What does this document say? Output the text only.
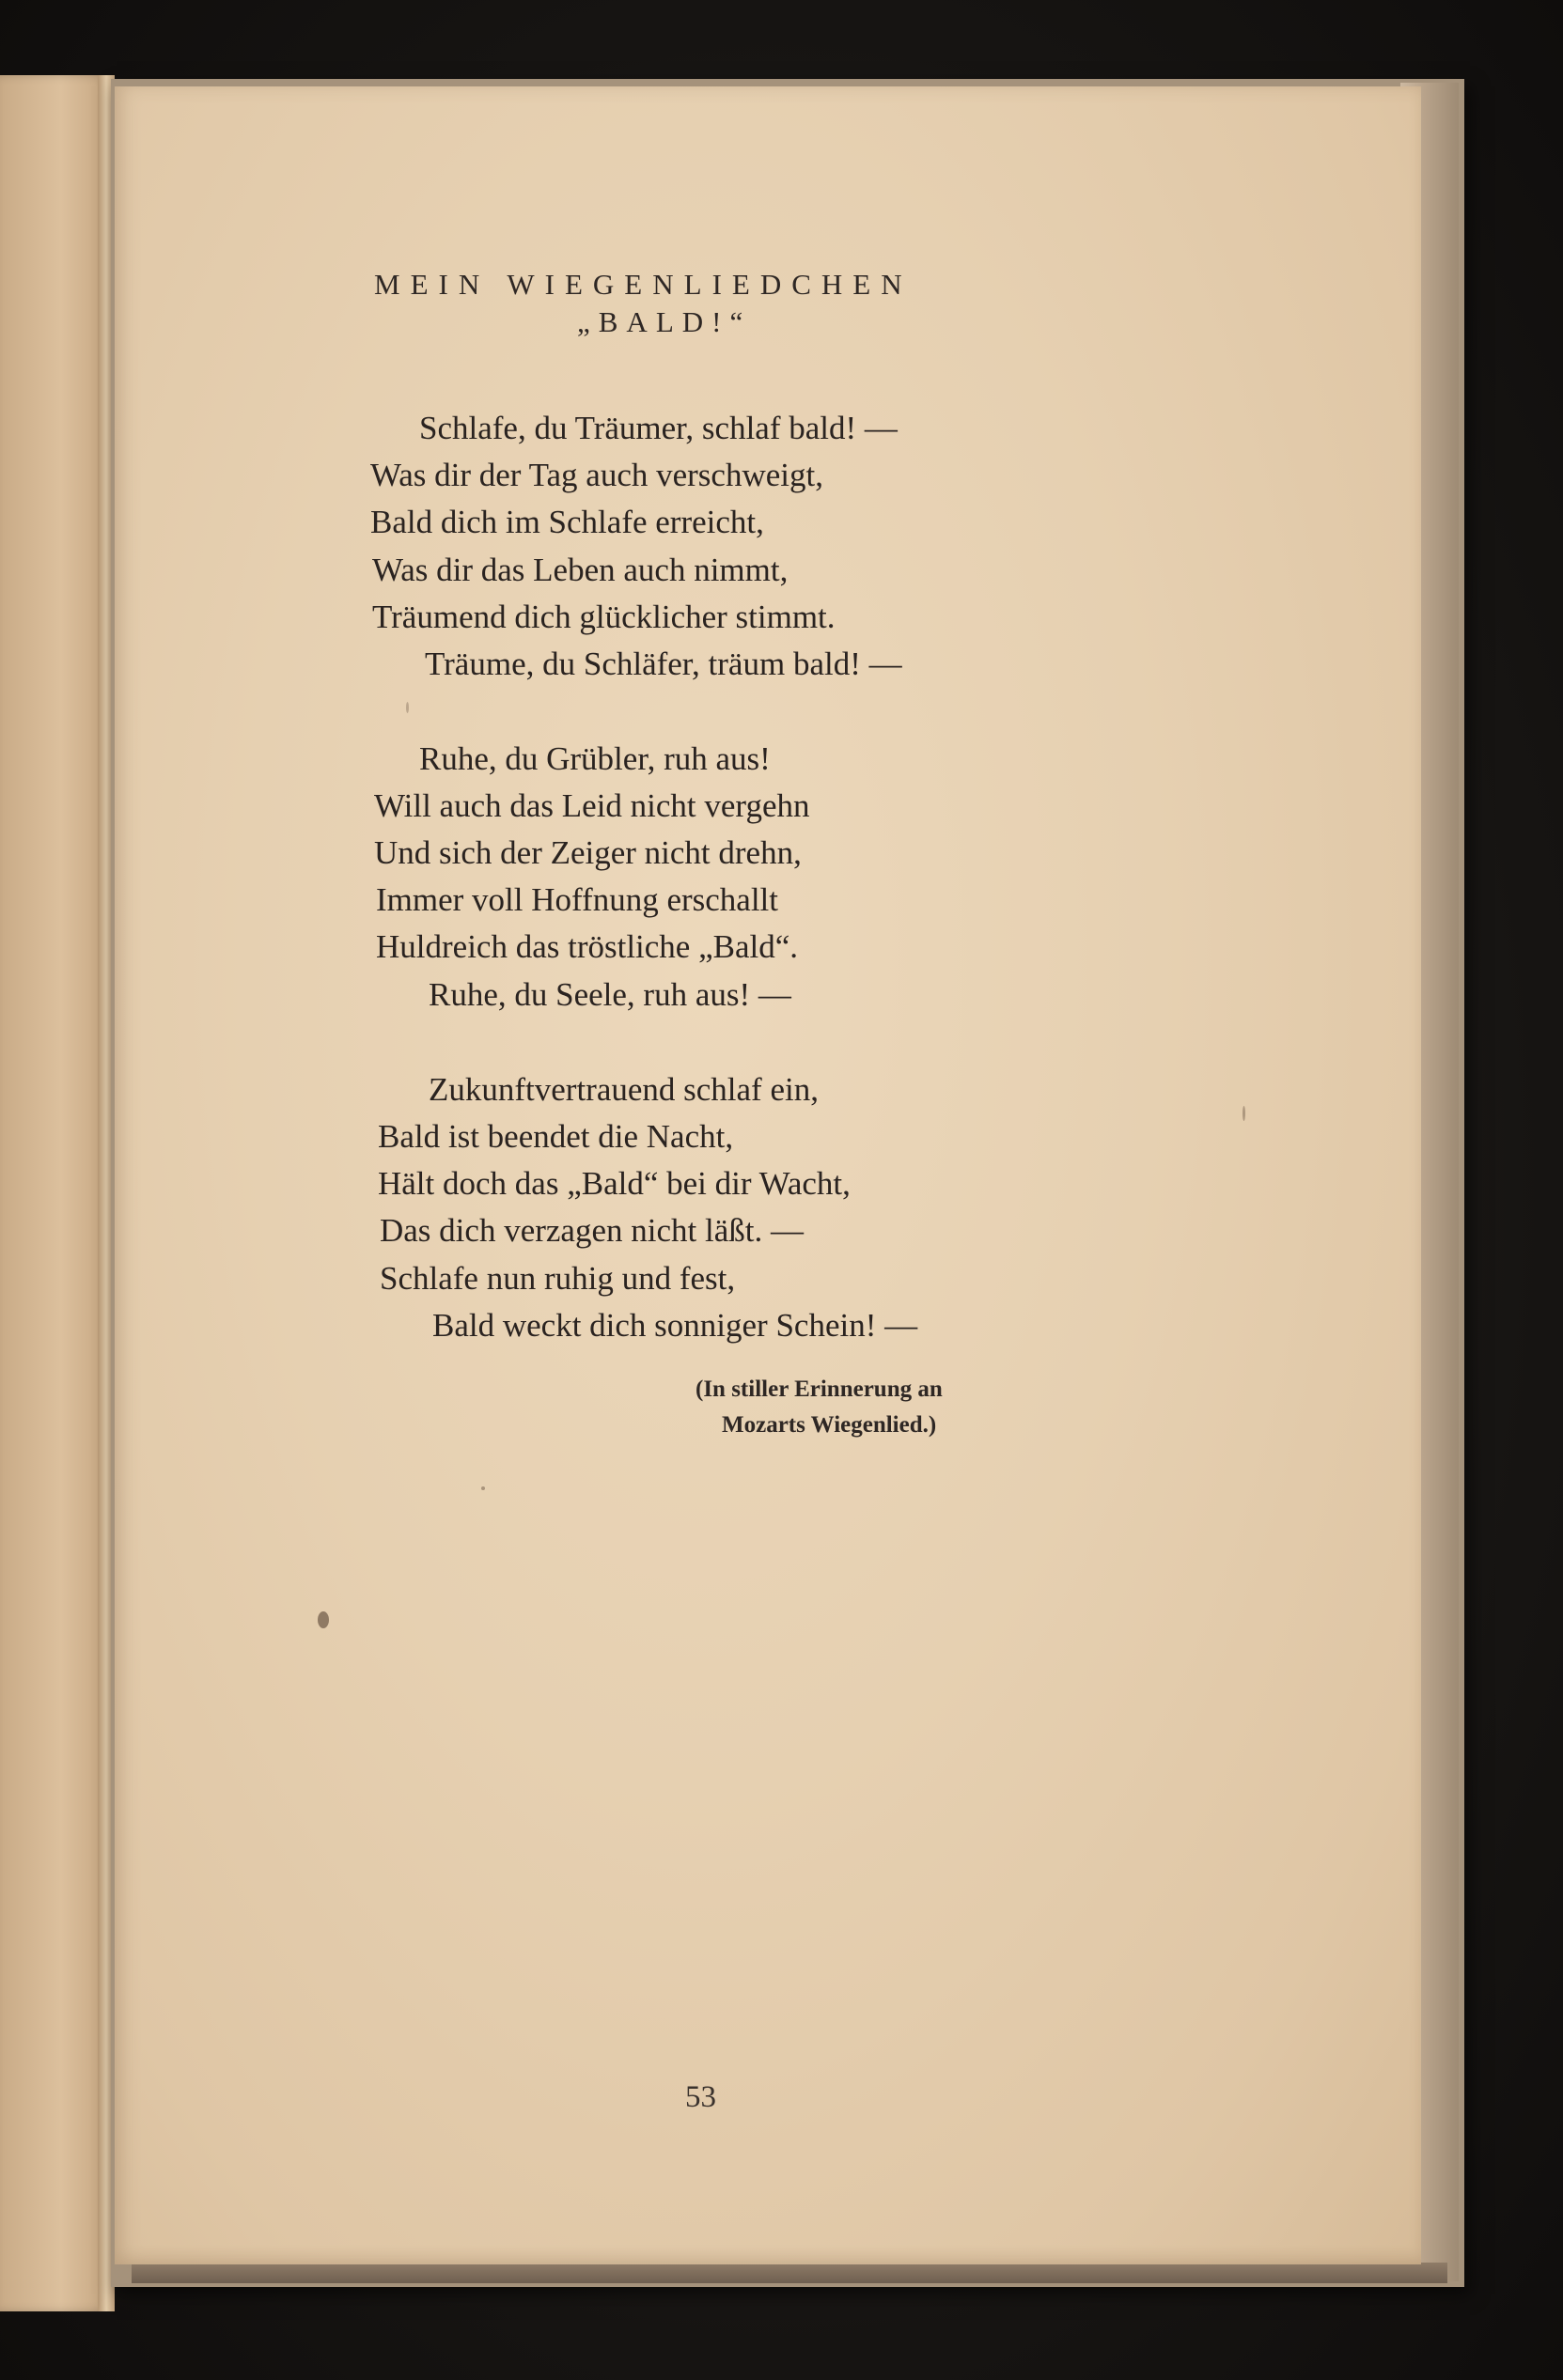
MEIN WIEGENLIEDCHEN

„BALD!“

Schlafe, du Träumer, schlaf bald! —

Was dir der Tag auch verschweigt,

Bald dich im Schlafe erreicht,

Was dir das Leben auch nimmt,

Träumend dich glücklicher stimmt.

Träume, du Schläfer, träum bald! —

Ruhe, du Grübler, ruh aus!

Will auch das Leid nicht vergehn

Und sich der Zeiger nicht drehn,

Immer voll Hoffnung erschallt

Huldreich das tröstliche „Bald“.

Ruhe, du Seele, ruh aus! —

Zukunftvertrauend schlaf ein,

Bald ist beendet die Nacht,

Hält doch das „Bald“ bei dir Wacht,

Das dich verzagen nicht läßt. —

Schlafe nun ruhig und fest,

Bald weckt dich sonniger Schein! —

(In stiller Erinnerung an

Mozarts Wiegenlied.)

53
